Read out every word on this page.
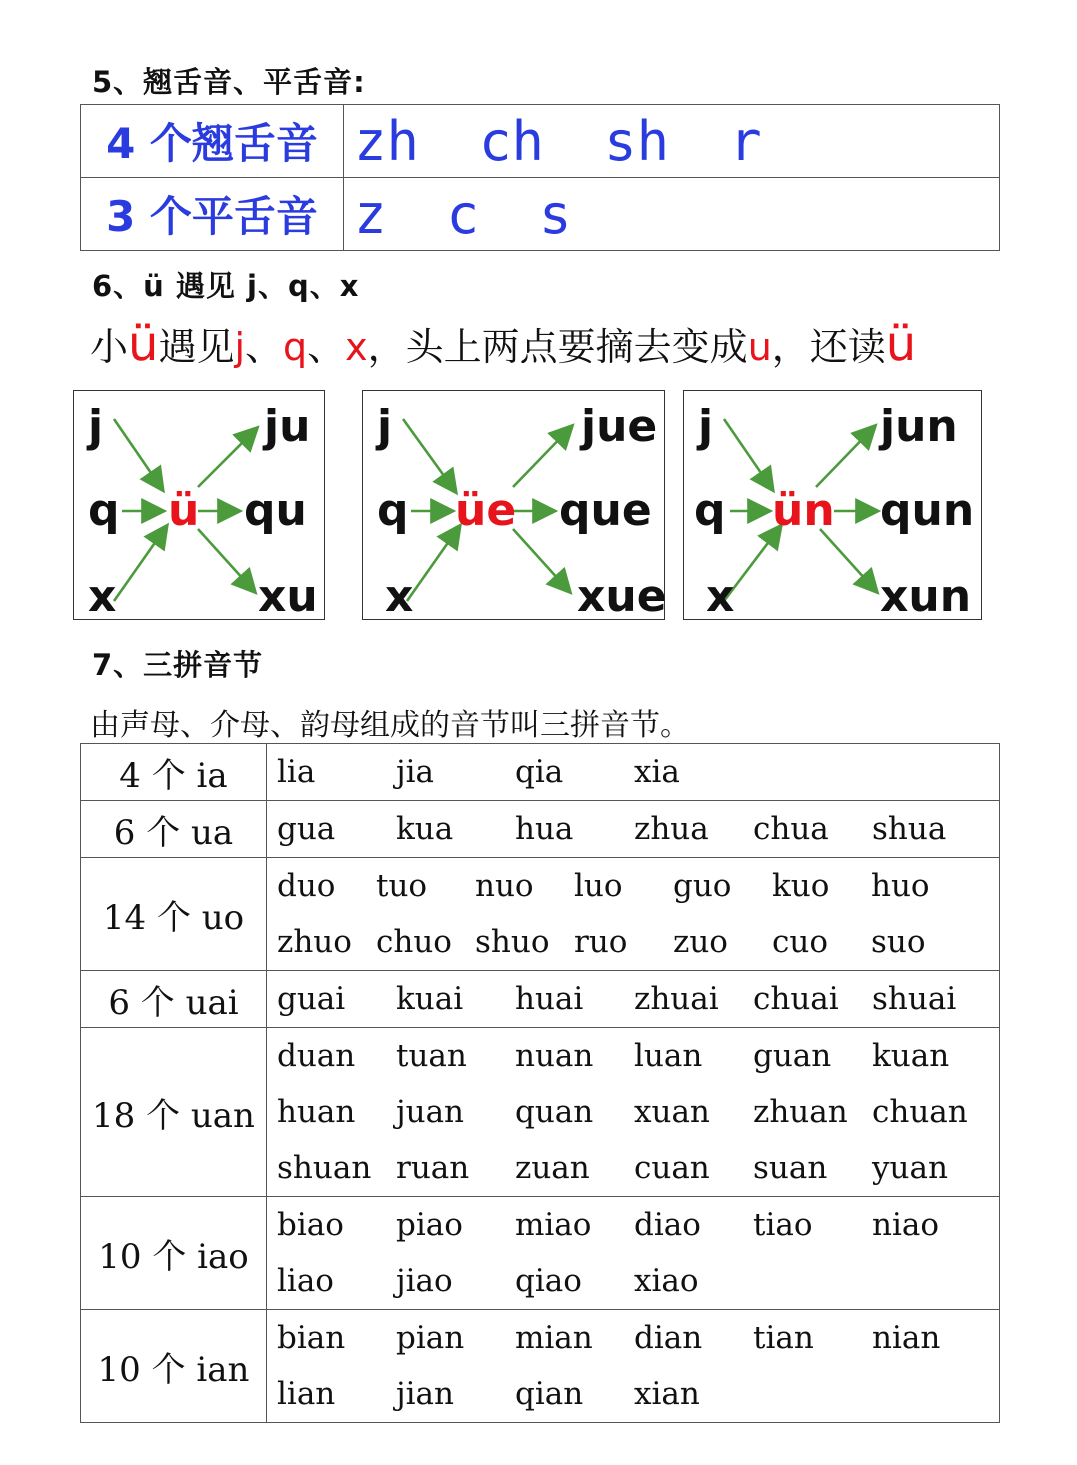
5、翘舌音、平舌音:
4 个翘舌音	zh ch sh r
3 个平舌音	z c s
6、ü 遇见 j、q、x
小ü遇见j、q、x，头上两点要摘去变成u，还读ü
j
q
x
ü
ju
qu
xu
j
q
x
üe
jue
que
xue
j
q
x
ün
jun
qun
xun
7、三拼音节
由声母、介母、韵母组成的音节叫三拼音节。
4 个 ia	lia jia qia xia

6 个 ua	gua kua hua zhua chua shua

14 个 uo	duo tuo nuo luo guo kuo huo
zhuo chuo shuo ruo zuo cuo suo

6 个 uai	guai kuai huai zhuai chuai shuai

18 个 uan	duan tuan nuan luan guan kuan
huan juan quan xuan zhuan chuan
shuan ruan zuan cuan suan yuan

10 个 iao	biao piao miao diao tiao niao
liao jiao qiao xiao

10 个 ian	bian pian mian dian tian nian
lian jian qian xian
